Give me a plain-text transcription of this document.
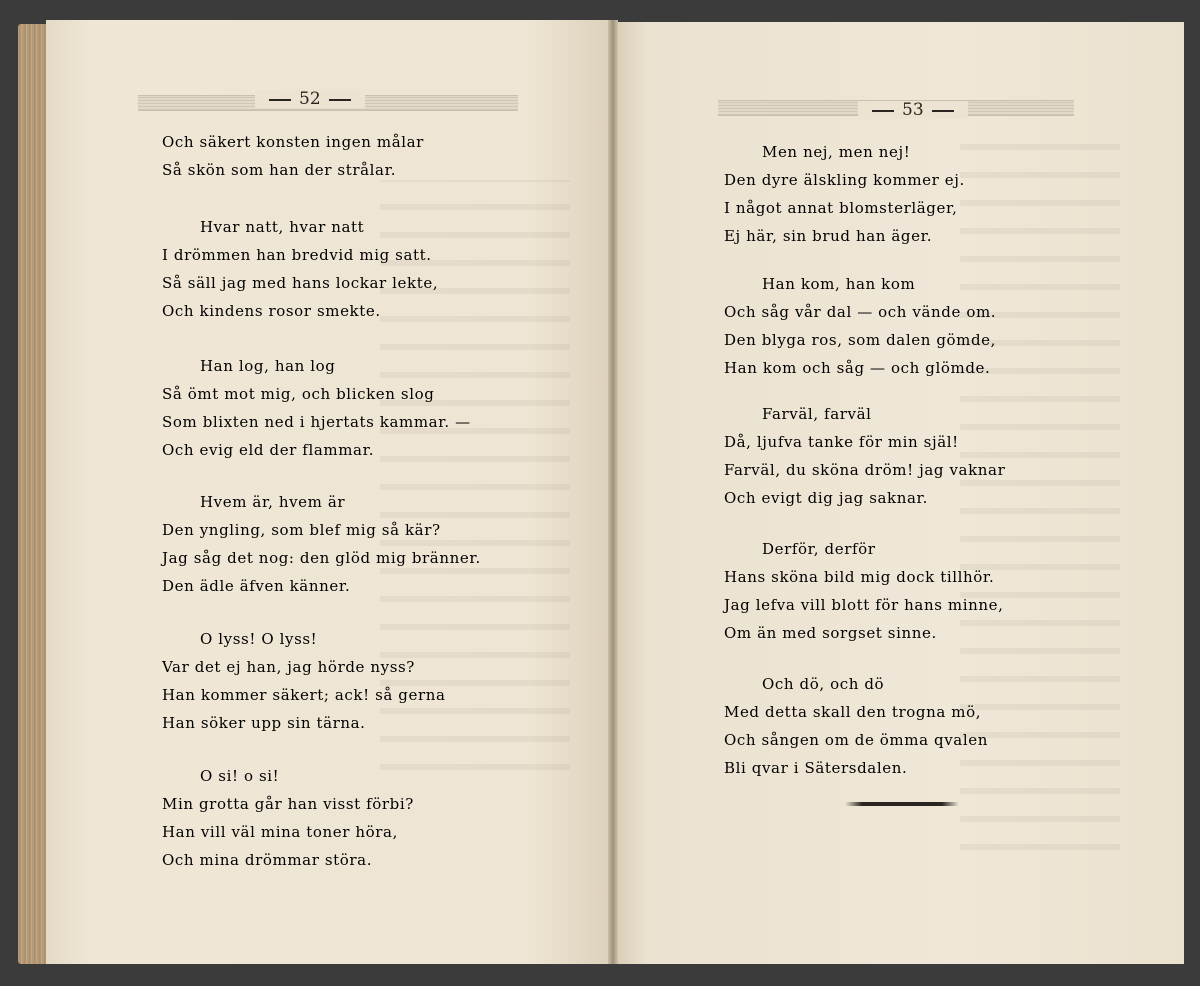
52
53
Och säkert konsten ingen målar
Så skön som han der strålar.
Hvar natt, hvar natt
I drömmen han bredvid mig satt.
Så säll jag med hans lockar lekte,
Och kindens rosor smekte.
Han log, han log
Så ömt mot mig, och blicken slog
Som blixten ned i hjertats kammar. —
Och evig eld der flammar.
Hvem är, hvem är
Den yngling, som blef mig så kär?
Jag såg det nog: den glöd mig bränner.
Den ädle äfven känner.
O lyss! O lyss!
Var det ej han, jag hörde nyss?
Han kommer säkert; ack! så gerna
Han söker upp sin tärna.
O si! o si!
Min grotta går han visst förbi?
Han vill väl mina toner höra,
Och mina drömmar störa.
Men nej, men nej!
Den dyre älskling kommer ej.
I något annat blomsterläger,
Ej här, sin brud han äger.
Han kom, han kom
Och såg vår dal — och vände om.
Den blyga ros, som dalen gömde,
Han kom och såg — och glömde.
Farväl, farväl
Då, ljufva tanke för min själ!
Farväl, du sköna dröm! jag vaknar
Och evigt dig jag saknar.
Derför, derför
Hans sköna bild mig dock tillhör.
Jag lefva vill blott för hans minne,
Om än med sorgset sinne.
Och dö, och dö
Med detta skall den trogna mö,
Och sången om de ömma qvalen
Bli qvar i Sätersdalen.
